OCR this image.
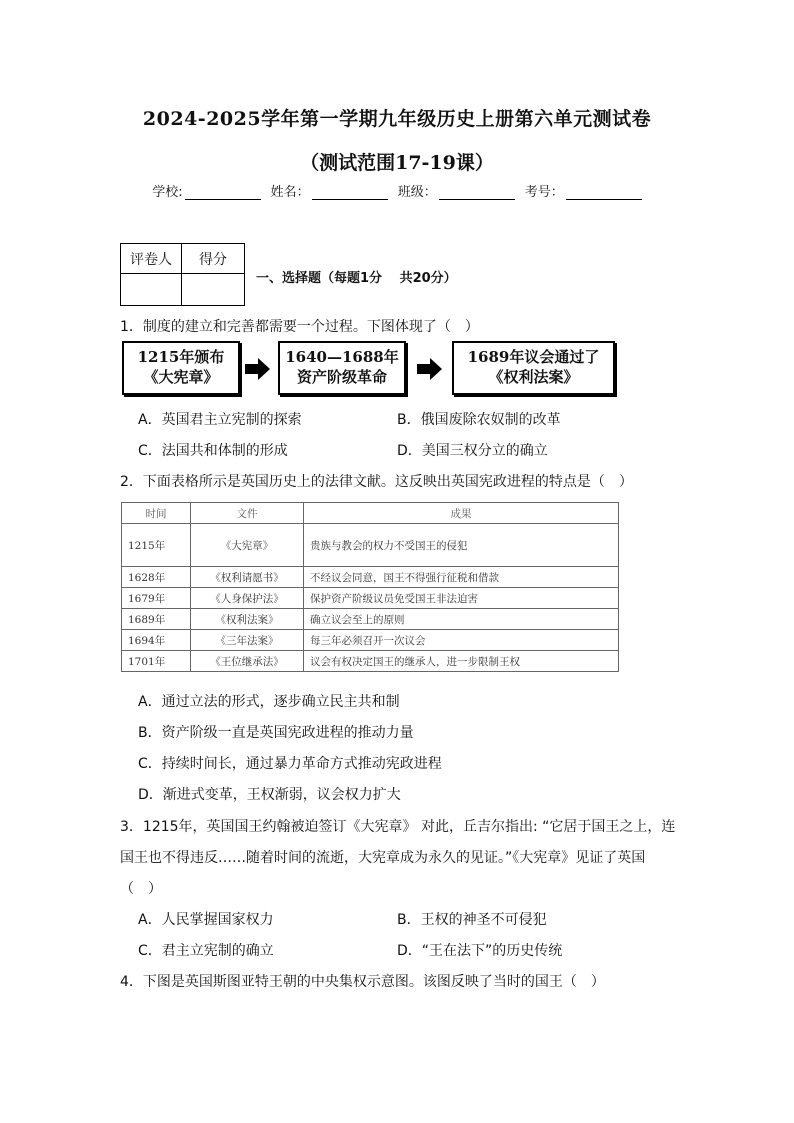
2024-2025学年第一学期九年级历史上册第六单元测试卷
（测试范围17-19课）
学校:	姓名：	班级：	考号：
评卷人	得分

一、选择题（每题1分　 共20分）
1．制度的建立和完善都需要一个过程。下图体现了（　）
1215年颁布
《大宪章》
1640—1688年
资产阶级革命
1689年议会通过了
《权利法案》
A．英国君主立宪制的探索	B．俄国废除农奴制的改革
C．法国共和体制的形成	D．美国三权分立的确立
2．下面表格所示是英国历史上的法律文献。这反映出英国宪政进程的特点是（　）
时间	文件	成果
1215年	《大宪章》	贵族与教会的权力不受国王的侵犯
1628年	《权利请愿书》	不经议会同意，国王不得强行征税和借款
1679年	《人身保护法》	保护资产阶级议员免受国王非法迫害
1689年	《权利法案》	确立议会至上的原则
1694年	《三年法案》	每三年必须召开一次议会
1701年	《王位继承法》	议会有权决定国王的继承人，进一步限制王权
A．通过立法的形式，逐步确立民主共和制
B．资产阶级一直是英国宪政进程的推动力量
C．持续时间长，通过暴力革命方式推动宪政进程
D．渐进式变革，王权渐弱，议会权力扩大
3．1215年，英国国王约翰被迫签订《大宪章》 对此，丘吉尔指出: “它居于国王之上，连
国王也不得违反……随着时间的流逝，大宪章成为永久的见证。”《大宪章》见证了英国
（　）
A．人民掌握国家权力	B．王权的神圣不可侵犯
C．君主立宪制的确立	D．“王在法下”的历史传统
4．下图是英国斯图亚特王朝的中央集权示意图。该图反映了当时的国王（　）
